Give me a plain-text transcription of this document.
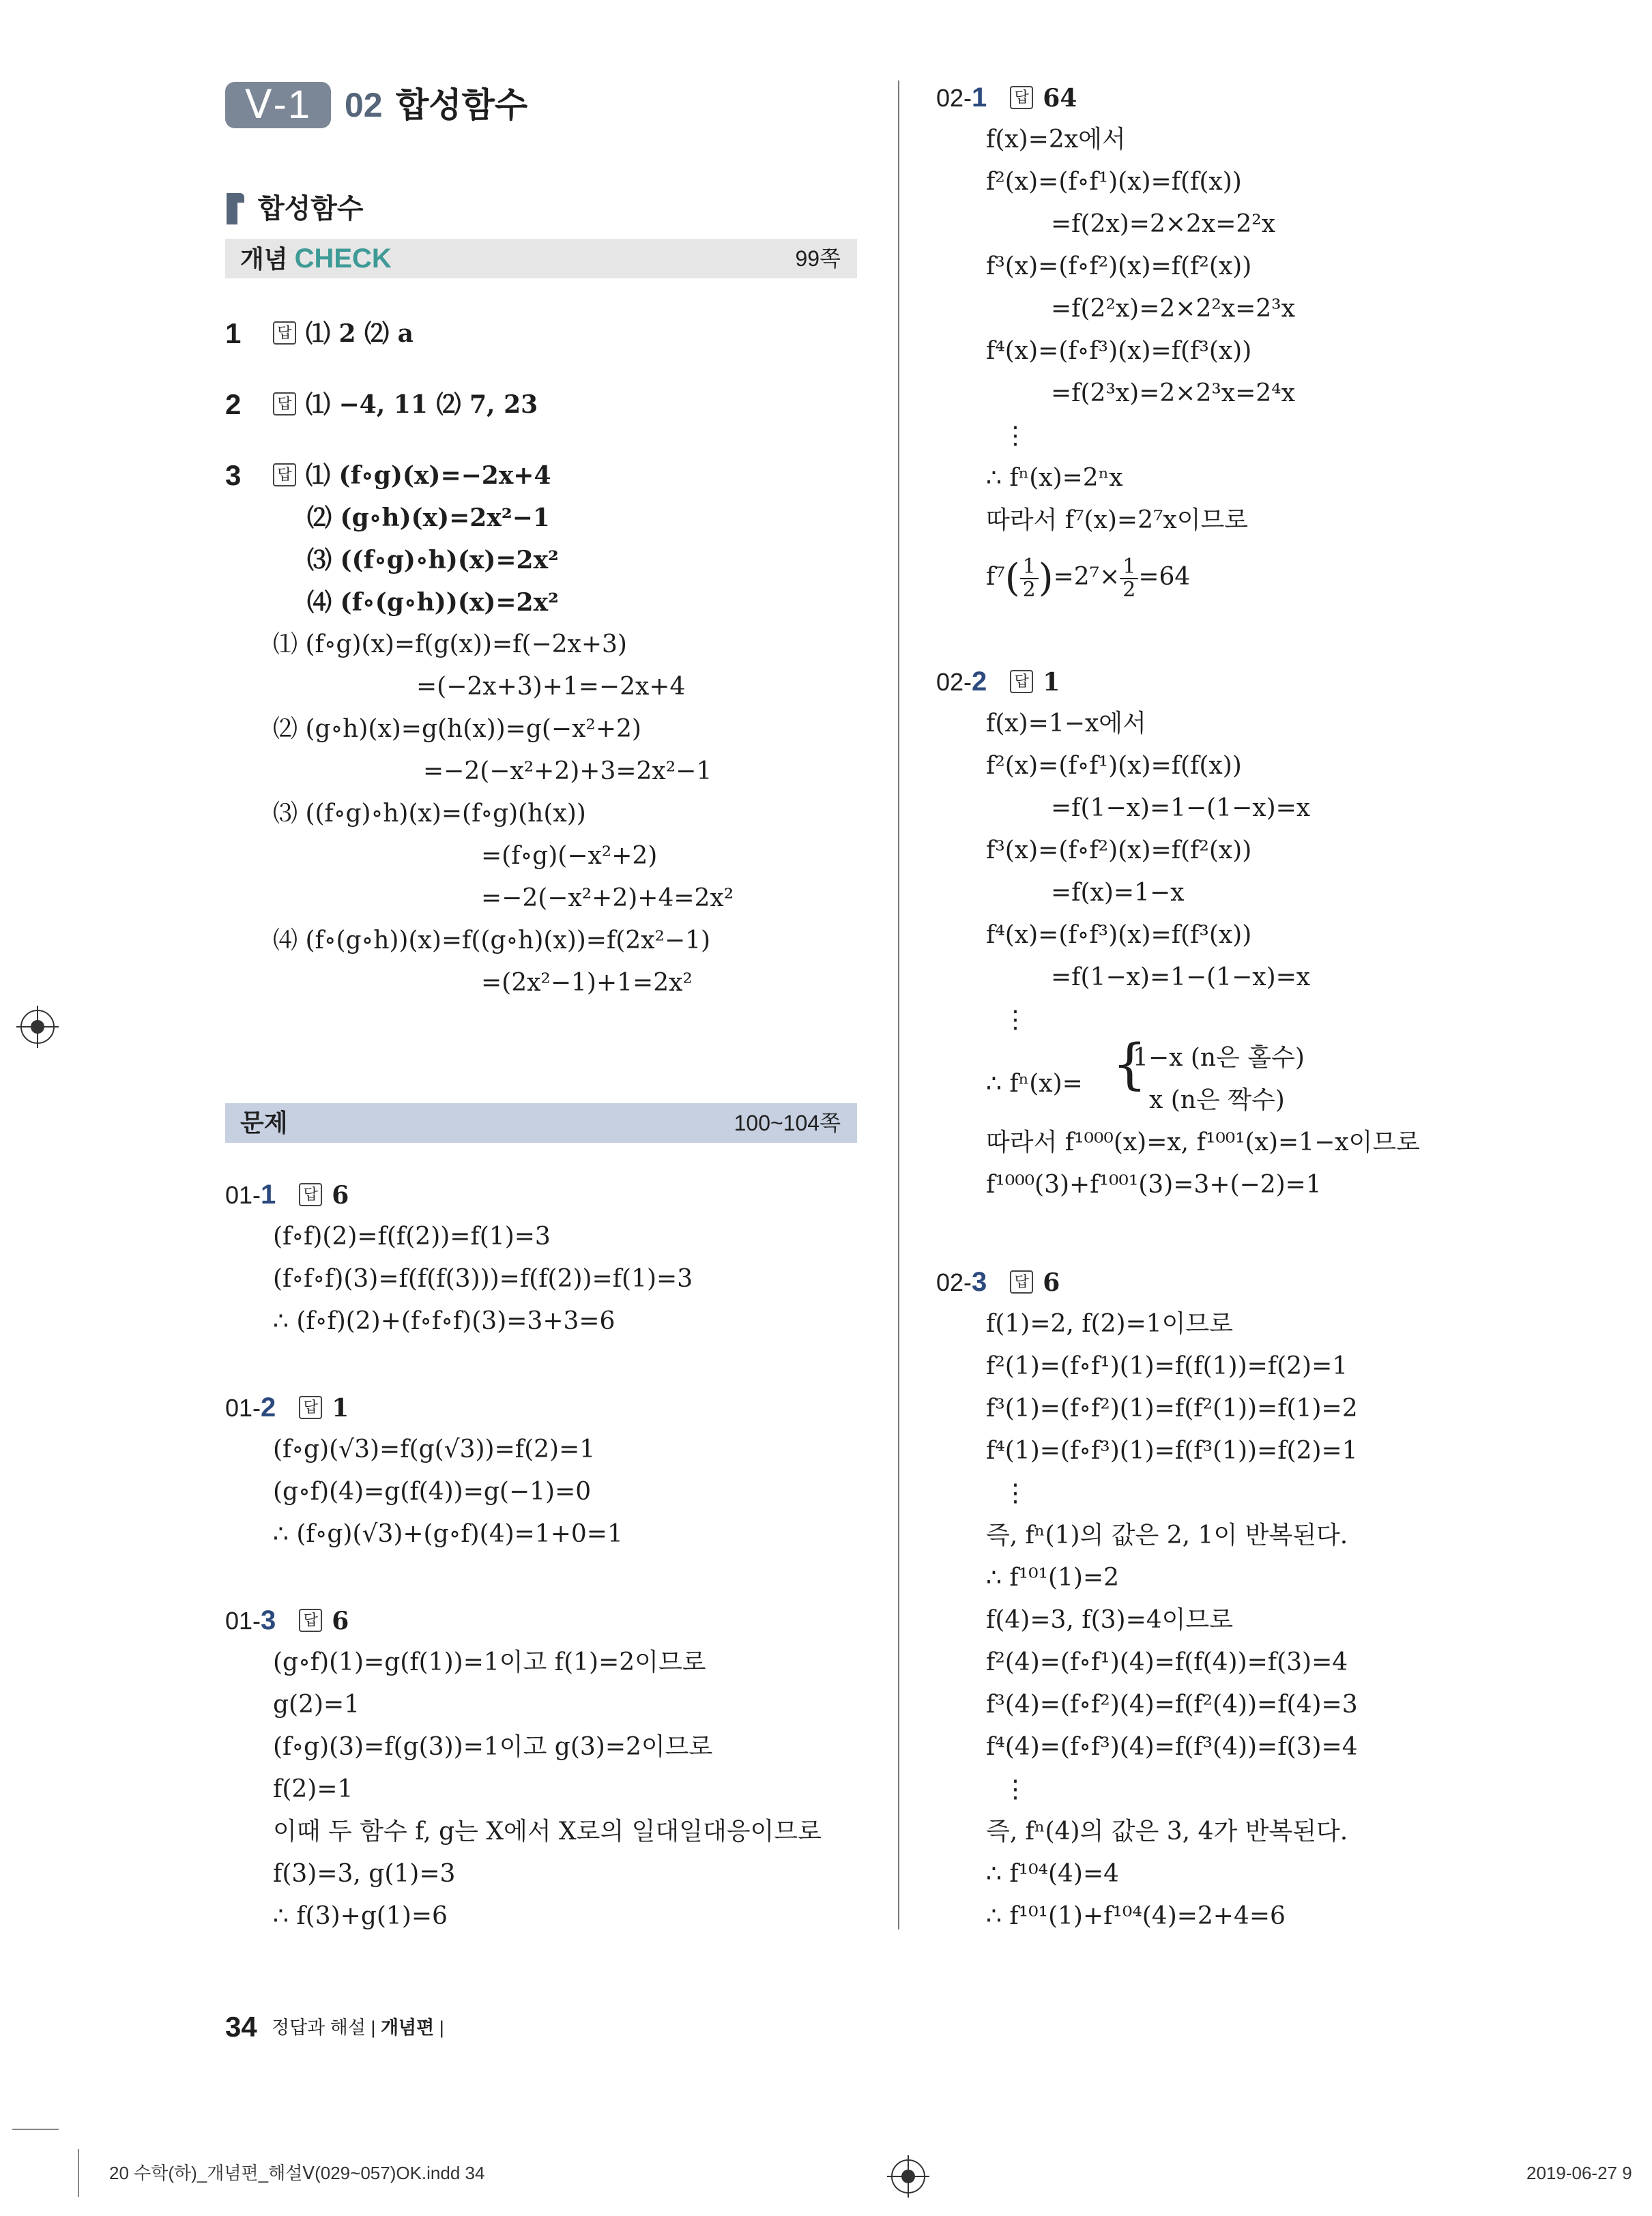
Ⅴ-1 02 합성함수
합성함수
개념 CHECK	99쪽
1 답 ⑴ 2 ⑵ a
2 답 ⑴ −4, 11 ⑵ 7, 23
3 답 ⑴ (f∘g)(x)=−2x+4
⑵ (g∘h)(x)=2x²−1
⑶ ((f∘g)∘h)(x)=2x²
⑷ (f∘(g∘h))(x)=2x²
⑴ (f∘g)(x)=f(g(x))=f(−2x+3)
=(−2x+3)+1=−2x+4
⑵ (g∘h)(x)=g(h(x))=g(−x²+2)
=−2(−x²+2)+3=2x²−1
⑶ ((f∘g)∘h)(x)=(f∘g)(h(x))
=(f∘g)(−x²+2)
=−2(−x²+2)+4=2x²
⑷ (f∘(g∘h))(x)=f((g∘h)(x))=f(2x²−1)
=(2x²−1)+1=2x²
문제	100~104쪽
01-1 답 6
(f∘f)(2)=f(f(2))=f(1)=3
(f∘f∘f)(3)=f(f(f(3)))=f(f(2))=f(1)=3
∴ (f∘f)(2)+(f∘f∘f)(3)=3+3=6
01-2 답 1
(f∘g)(√3)=f(g(√3))=f(2)=1
(g∘f)(4)=g(f(4))=g(−1)=0
∴ (f∘g)(√3)+(g∘f)(4)=1+0=1
01-3 답 6
(g∘f)(1)=g(f(1))=1이고 f(1)=2이므로
g(2)=1
(f∘g)(3)=f(g(3))=1이고 g(3)=2이므로
f(2)=1
이때 두 함수 f, g는 X에서 X로의 일대일대응이므로
f(3)=3, g(1)=3
∴ f(3)+g(1)=6
02-1 답 64
f(x)=2x에서
f²(x)=(f∘f¹)(x)=f(f(x))
=f(2x)=2×2x=2²x
f³(x)=(f∘f²)(x)=f(f²(x))
=f(2²x)=2×2²x=2³x
f⁴(x)=(f∘f³)(x)=f(f³(x))
=f(2³x)=2×2³x=2⁴x
⋮
∴ fⁿ(x)=2ⁿx
따라서 f⁷(x)=2⁷x이므로
$f^7( \frac{1}{2} )=2^7\times \frac{1}{2} =64$
02-2 답 1
f(x)=1−x에서
f²(x)=(f∘f¹)(x)=f(f(x))
=f(1−x)=1−(1−x)=x
f³(x)=(f∘f²)(x)=f(f²(x))
=f(x)=1−x
f⁴(x)=(f∘f³)(x)=f(f³(x))
=f(1−x)=1−(1−x)=x
⋮
∴ fⁿ(x)= {
1−x (n은 홀수)
x (n은 짝수)
따라서 f¹⁰⁰⁰(x)=x, f¹⁰⁰¹(x)=1−x이므로
f¹⁰⁰⁰(3)+f¹⁰⁰¹(3)=3+(−2)=1
02-3 답 6
f(1)=2, f(2)=1이므로
f²(1)=(f∘f¹)(1)=f(f(1))=f(2)=1
f³(1)=(f∘f²)(1)=f(f²(1))=f(1)=2
f⁴(1)=(f∘f³)(1)=f(f³(1))=f(2)=1
⋮
즉, fⁿ(1)의 값은 2, 1이 반복된다.
∴ f¹⁰¹(1)=2
f(4)=3, f(3)=4이므로
f²(4)=(f∘f¹)(4)=f(f(4))=f(3)=4
f³(4)=(f∘f²)(4)=f(f²(4))=f(4)=3
f⁴(4)=(f∘f³)(4)=f(f³(4))=f(3)=4
⋮
즉, fⁿ(4)의 값은 3, 4가 반복된다.
∴ f¹⁰⁴(4)=4
∴ f¹⁰¹(1)+f¹⁰⁴(4)=2+4=6
34 정답과 해설 | 개념편 |
20 수학(하)_개념편_해설Ⅴ(029~057)OK.indd 34	2019-06-27 9
